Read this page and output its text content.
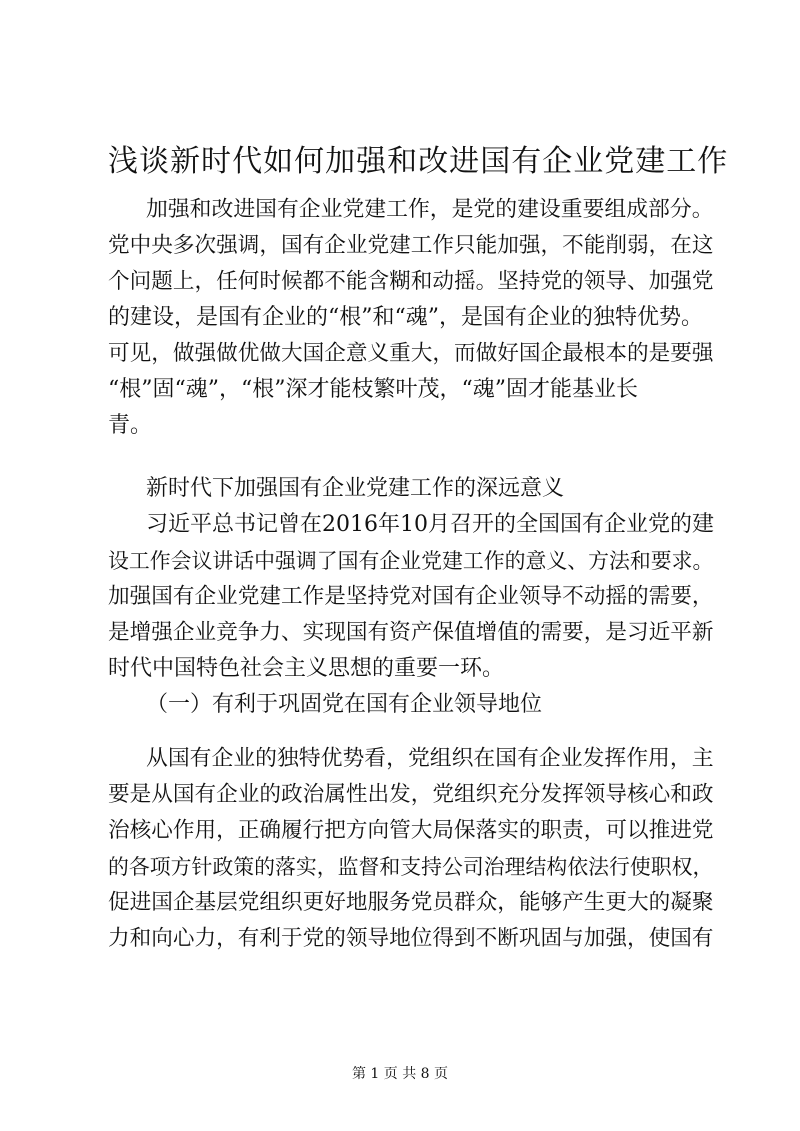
浅谈新时代如何加强和改进国有企业党建工作
加强和改进国有企业党建工作，是党的建设重要组成部分。
党中央多次强调，国有企业党建工作只能加强，不能削弱，在这
个问题上，任何时候都不能含糊和动摇。坚持党的领导、加强党
的建设，是国有企业的“根”和“魂”，是国有企业的独特优势。
可见，做强做优做大国企意义重大，而做好国企最根本的是要强
“根”固“魂”，“根”深才能枝繁叶茂，“魂”固才能基业长
青。
新时代下加强国有企业党建工作的深远意义
习近平总书记曾在2016年10月召开的全国国有企业党的建
设工作会议讲话中强调了国有企业党建工作的意义、方法和要求。
加强国有企业党建工作是坚持党对国有企业领导不动摇的需要，
是增强企业竞争力、实现国有资产保值增值的需要，是习近平新
时代中国特色社会主义思想的重要一环。
（一）有利于巩固党在国有企业领导地位
从国有企业的独特优势看，党组织在国有企业发挥作用，主
要是从国有企业的政治属性出发，党组织充分发挥领导核心和政
治核心作用，正确履行把方向管大局保落实的职责，可以推进党
的各项方针政策的落实，监督和支持公司治理结构依法行使职权，
促进国企基层党组织更好地服务党员群众，能够产生更大的凝聚
力和向心力，有利于党的领导地位得到不断巩固与加强，使国有
第 1 页 共 8 页
